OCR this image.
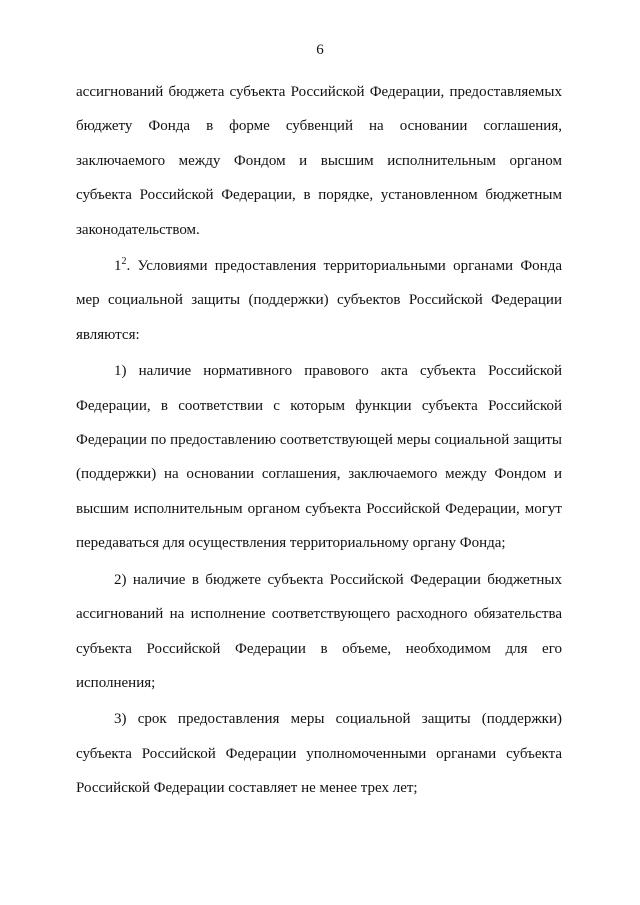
6

ассигнований бюджета субъекта Российской Федерации, предоставляемых бюджету Фонда в форме субвенций на основании соглашения, заключаемого между Фондом и высшим исполнительным органом субъекта Российской Федерации, в порядке, установленном бюджетным законодательством.

$1^2$. Условиями предоставления территориальными органами Фонда мер социальной защиты (поддержки) субъектов Российской Федерации являются:

1) наличие нормативного правового акта субъекта Российской Федерации, в соответствии с которым функции субъекта Российской Федерации по предоставлению соответствующей меры социальной защиты (поддержки) на основании соглашения, заключаемого между Фондом и высшим исполнительным органом субъекта Российской Федерации, могут передаваться для осуществления территориальному органу Фонда;

2) наличие в бюджете субъекта Российской Федерации бюджетных ассигнований на исполнение соответствующего расходного обязательства субъекта Российской Федерации в объеме, необходимом для его исполнения;

3) срок предоставления меры социальной защиты (поддержки) субъекта Российской Федерации уполномоченными органами субъекта Российской Федерации составляет не менее трех лет;
